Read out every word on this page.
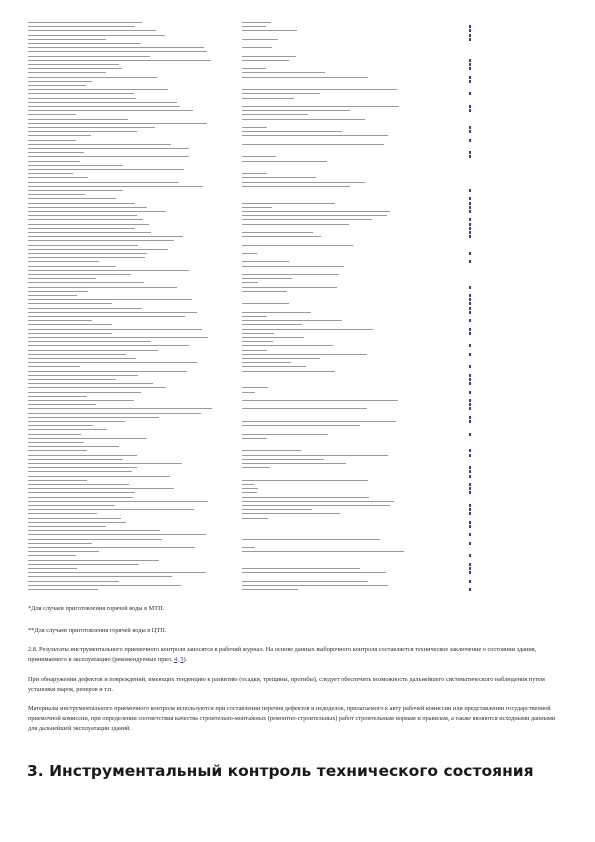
*Для случаев приготовления горячей воды в МТП.

**Для случаев приготовления горячей воды в ЦТП.

2.8. Результаты инструментального приемочного контроля заносятся в рабочий журнал. На основе данных выборочного контроля составляется техническое заключение о состоянии здания, принимаемого в эксплуатацию (рекомендуемые прил. 4, 5).

При обнаружении дефектов и повреждений, имеющих тенденцию к развитию (осадки, трещины, прогибы), следует обеспечить возможность дальнейшего систематического наблюдения путем установки марок, реперов и т.п.

Материалы инструментального приемочного контроля используются при составлении перечня дефектов и недоделок, прилагаемого к акту рабочей комиссии или представлении государственной приемочной комиссии, при определении соответствия качества строительно-монтажных (ремонтно-строительных) работ строительным нормам и правилам, а также являются исходными данными для дальнейшей эксплуатации зданий.

3. Инструментальный контроль технического состояния
